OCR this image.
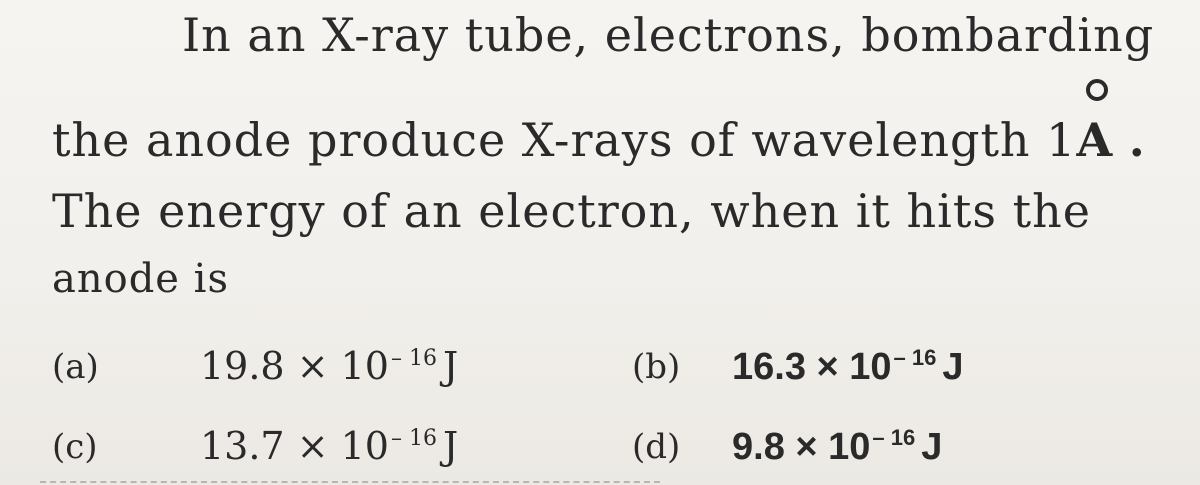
In an X-ray tube, electrons, bombarding
the anode produce X-rays of wavelength 1
A .
The energy of an electron, when it hits the
anode is
(a)	$19.8 \times 10^{- 16}$ J	(b) $16.3 \times 10^{- 16}$ J
(c)	$13.7 \times 10^{- 16}$ J	(d) $9.8 \times 10^{- 16}$ J
